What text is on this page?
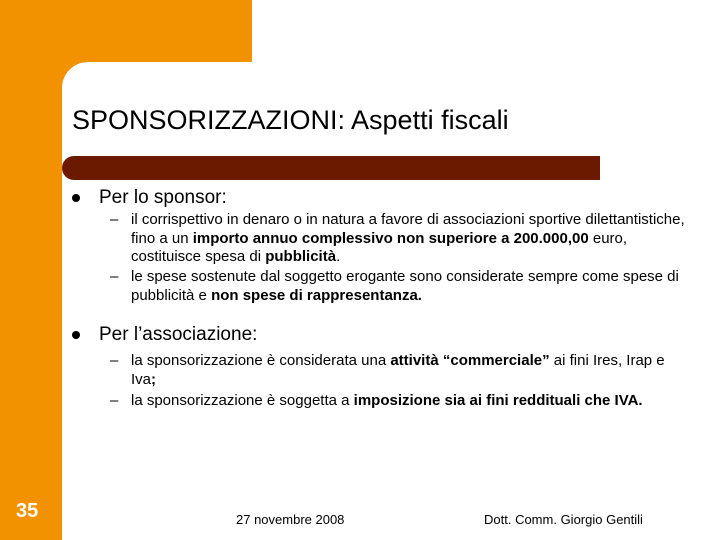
SPONSORIZZAZIONI: Aspetti fiscali
Per lo sponsor:
– il corrispettivo in denaro o in natura a favore di associazioni sportive dilettantistiche, fino a un importo annuo complessivo non superiore a 200.000,00 euro, costituisce spesa di pubblicità.
– le spese sostenute dal soggetto erogante sono considerate sempre come spese di pubblicità e non spese di rappresentanza.
Per l’associazione:
– la sponsorizzazione è considerata una attività “commerciale” ai fini Ires, Irap e Iva;
– la sponsorizzazione è soggetta a imposizione sia ai fini reddituali che IVA.
35	27 novembre 2008	Dott. Comm. Giorgio Gentili
